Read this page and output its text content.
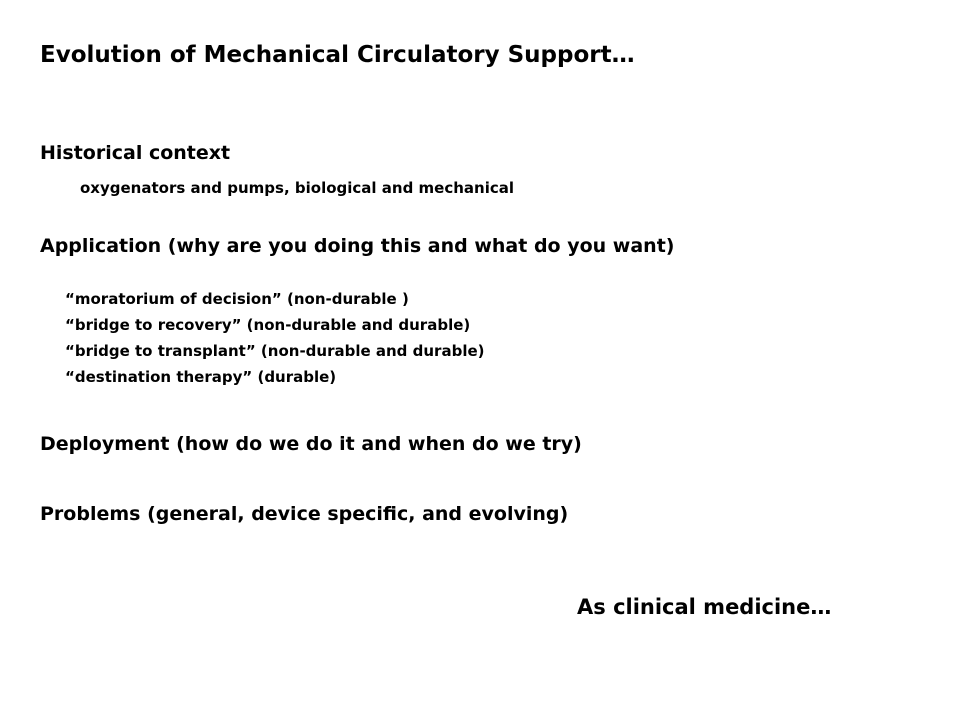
Evolution of Mechanical Circulatory Support…
Historical context
oxygenators and pumps, biological and mechanical
Application (why are you doing this and what do you want)
“moratorium of decision” (non-durable )
“bridge to recovery” (non-durable and durable)
“bridge to transplant” (non-durable and durable)
“destination therapy” (durable)
Deployment (how do we do it and when do we try)
Problems (general, device specific, and evolving)
As clinical medicine…
